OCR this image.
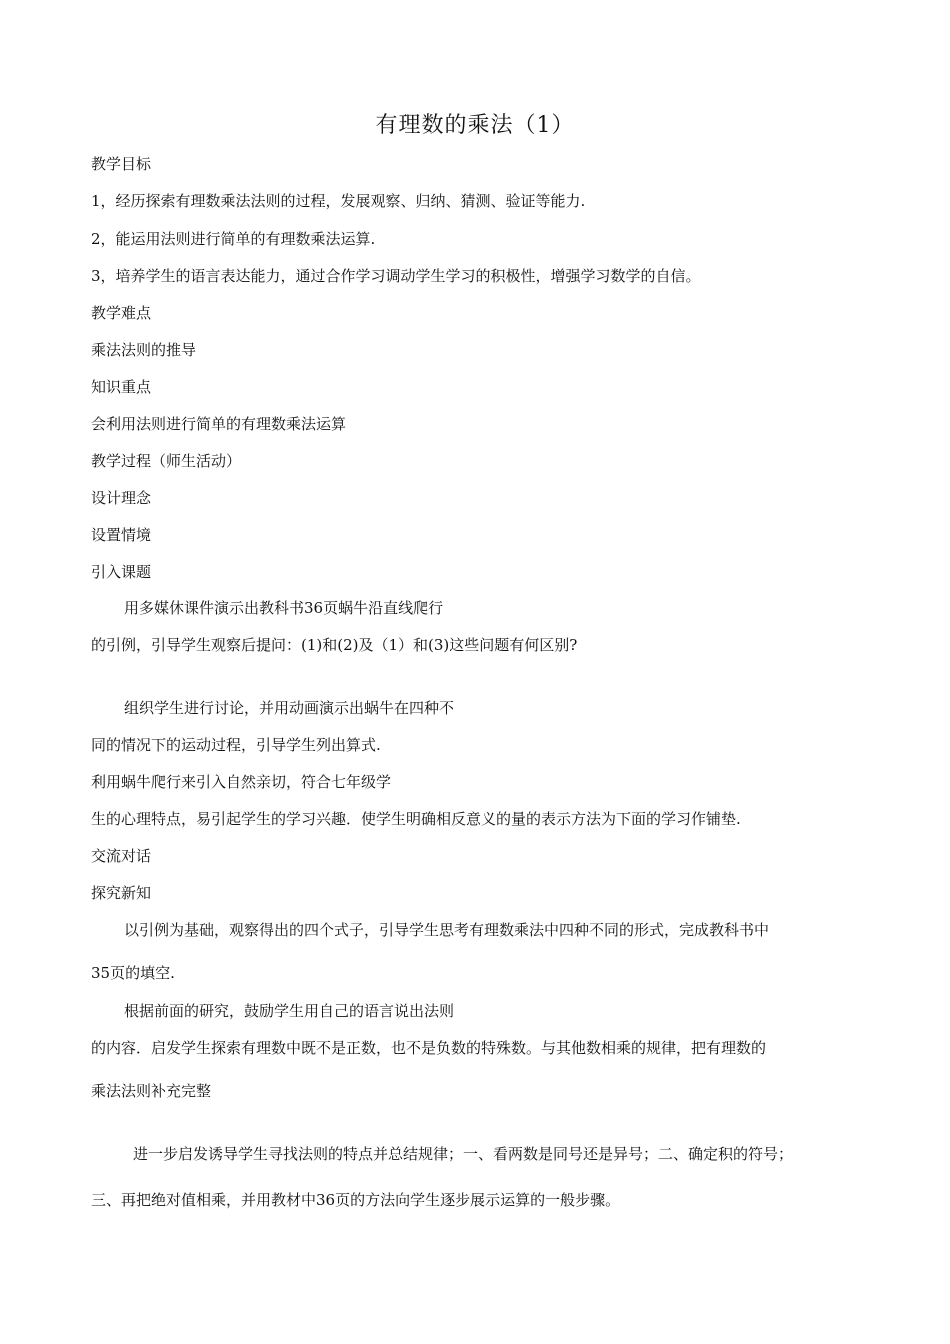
有理数的乘法（1）
教学目标
1，经历探索有理数乘法法则的过程，发展观察、归纳、猜测、验证等能力.
2，能运用法则进行简单的有理数乘法运算.
3，培养学生的语言表达能力，通过合作学习调动学生学习的积极性，增强学习数学的自信。
教学难点
乘法法则的推导
知识重点
会利用法则进行简单的有理数乘法运算
教学过程（师生活动）
设计理念
设置情境
引入课题
用多媒休课件演示出教科书36页蜗牛沿直线爬行
的引例，引导学生观察后提问：(1)和(2)及（1）和(3)这些问题有何区别?
组织学生进行讨论，并用动画演示出蜗牛在四种不
同的情况下的运动过程，引导学生列出算式.
利用蜗牛爬行来引入自然亲切，符合七年级学
生的心理特点，易引起学生的学习兴趣．使学生明确相反意义的量的表示方法为下面的学习作铺垫.
交流对话
探究新知
以引例为基础，观察得出的四个式子，引导学生思考有理数乘法中四种不同的形式，完成教科书中
35页的填空.
根据前面的研究，鼓励学生用自己的语言说出法则
的内容．启发学生探索有理数中既不是正数，也不是负数的特殊数。与其他数相乘的规律，把有理数的
乘法法则补充完整
进一步启发诱导学生寻找法则的特点并总结规律；一、看两数是同号还是异号；二、确定积的符号；
三、再把绝对值相乘，并用教材中36页的方法向学生逐步展示运算的一般步骤。
